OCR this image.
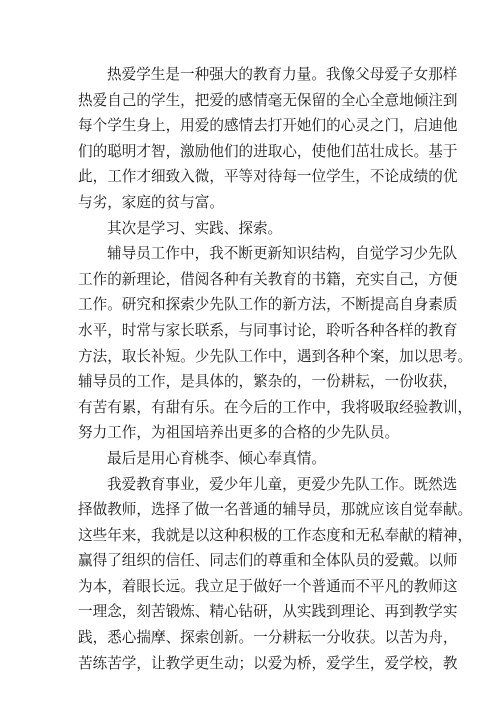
热爱学生是一种强大的教育力量。我像父母爱子女那样
热爱自己的学生，把爱的感情毫无保留的全心全意地倾注到
每个学生身上，用爱的感情去打开她们的心灵之门，启迪他
们的聪明才智，激励他们的进取心，使他们茁壮成长。基于
此，工作才细致入微，平等对待每一位学生，不论成绩的优
与劣，家庭的贫与富。
其次是学习、实践、探索。
辅导员工作中，我不断更新知识结构，自觉学习少先队
工作的新理论，借阅各种有关教育的书籍，充实自己，方便
工作。研究和探索少先队工作的新方法，不断提高自身素质
水平，时常与家长联系，与同事讨论，聆听各种各样的教育
方法，取长补短。少先队工作中，遇到各种个案，加以思考。
辅导员的工作，是具体的，繁杂的，一份耕耘，一份收获，
有苦有累，有甜有乐。在今后的工作中，我将吸取经验教训，
努力工作，为祖国培养出更多的合格的少先队员。
最后是用心育桃李、倾心奉真情。
我爱教育事业，爱少年儿童，更爱少先队工作。既然选
择做教师，选择了做一名普通的辅导员，那就应该自觉奉献。
这些年来，我就是以这种积极的工作态度和无私奉献的精神，
赢得了组织的信任、同志们的尊重和全体队员的爱戴。以师
为本，着眼长远。我立足于做好一个普通而不平凡的教师这
一理念，刻苦锻炼、精心钻研，从实践到理论、再到教学实
践，悉心揣摩、探索创新。一分耕耘一分收获。以苦为舟，
苦练苦学，让教学更生动；以爱为桥，爱学生，爱学校，教
